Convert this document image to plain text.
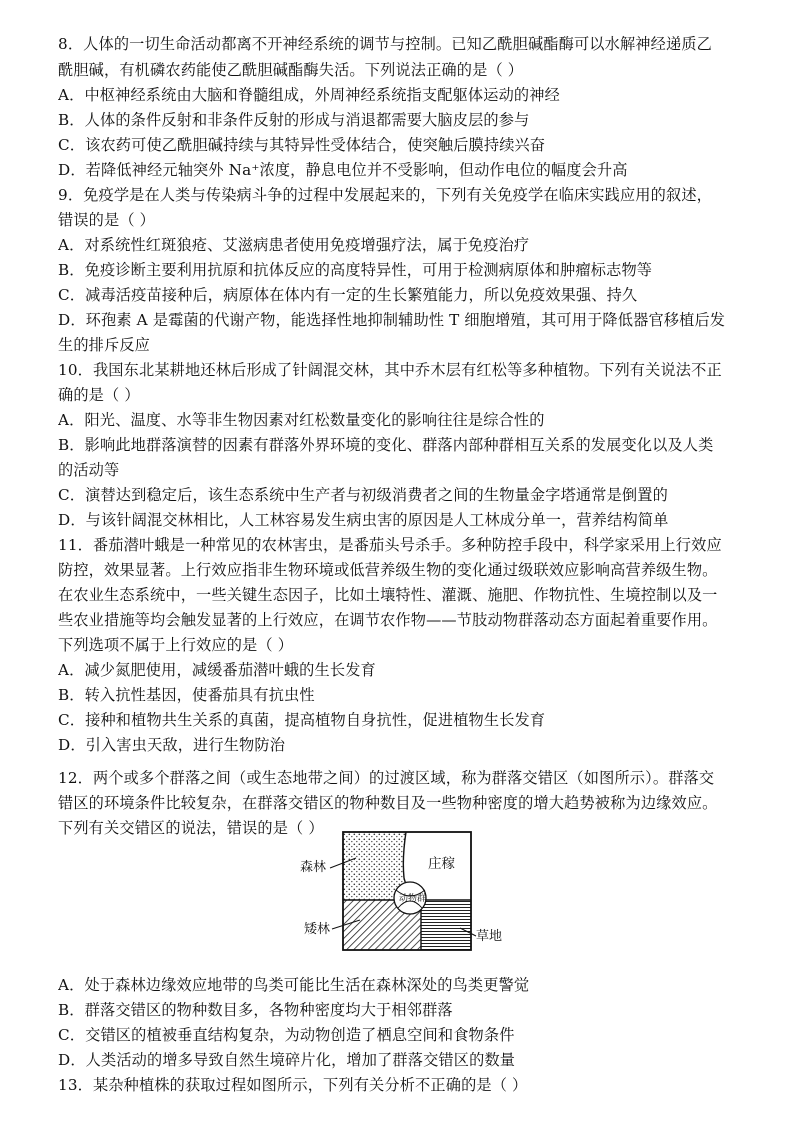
8．人体的一切生命活动都离不开神经系统的调节与控制。已知乙酰胆碱酯酶可以水解神经递质乙
酰胆碱，有机磷农药能使乙酰胆碱酯酶失活。下列说法正确的是（ ）
A．中枢神经系统由大脑和脊髓组成，外周神经系统指支配躯体运动的神经
B．人体的条件反射和非条件反射的形成与消退都需要大脑皮层的参与
C．该农药可使乙酰胆碱持续与其特异性受体结合，使突触后膜持续兴奋
D．若降低神经元轴突外 Na⁺浓度，静息电位并不受影响，但动作电位的幅度会升高
9．免疫学是在人类与传染病斗争的过程中发展起来的，下列有关免疫学在临床实践应用的叙述，
错误的是（ ）
A．对系统性红斑狼疮、艾滋病患者使用免疫增强疗法，属于免疫治疗
B．免疫诊断主要利用抗原和抗体反应的高度特异性，可用于检测病原体和肿瘤标志物等
C．减毒活疫苗接种后，病原体在体内有一定的生长繁殖能力，所以免疫效果强、持久
D．环孢素 A 是霉菌的代谢产物，能选择性地抑制辅助性 T 细胞增殖，其可用于降低器官移植后发
生的排斥反应
10．我国东北某耕地还林后形成了针阔混交林，其中乔木层有红松等多种植物。下列有关说法不正
确的是（ ）
A．阳光、温度、水等非生物因素对红松数量变化的影响往往是综合性的
B．影响此地群落演替的因素有群落外界环境的变化、群落内部种群相互关系的发展变化以及人类
的活动等
C．演替达到稳定后，该生态系统中生产者与初级消费者之间的生物量金字塔通常是倒置的
D．与该针阔混交林相比，人工林容易发生病虫害的原因是人工林成分单一，营养结构简单
11．番茄潜叶蛾是一种常见的农林害虫，是番茄头号杀手。多种防控手段中，科学家采用上行效应
防控，效果显著。上行效应指非生物环境或低营养级生物的变化通过级联效应影响高营养级生物。
在农业生态系统中，一些关键生态因子，比如土壤特性、灌溉、施肥、作物抗性、生境控制以及一
些农业措施等均会触发显著的上行效应，在调节农作物——节肢动物群落动态方面起着重要作用。
下列选项不属于上行效应的是（ ）
A．减少氮肥使用，减缓番茄潜叶蛾的生长发育
B．转入抗性基因，使番茄具有抗虫性
C．接种和植物共生关系的真菌，提高植物自身抗性，促进植物生长发育
D．引入害虫天敌，进行生物防治
12．两个或多个群落之间（或生态地带之间）的过渡区域，称为群落交错区（如图所示）。群落交
错区的环境条件比较复杂，在群落交错区的物种数目及一些物种密度的增大趋势被称为边缘效应。
下列有关交错区的说法，错误的是（ ）
森林	庄稼
动物群
矮林	草地
A．处于森林边缘效应地带的鸟类可能比生活在森林深处的鸟类更警觉
B．群落交错区的物种数目多，各物种密度均大于相邻群落
C．交错区的植被垂直结构复杂，为动物创造了栖息空间和食物条件
D．人类活动的增多导致自然生境碎片化，增加了群落交错区的数量
13．某杂种植株的获取过程如图所示，下列有关分析不正确的是（ ）
